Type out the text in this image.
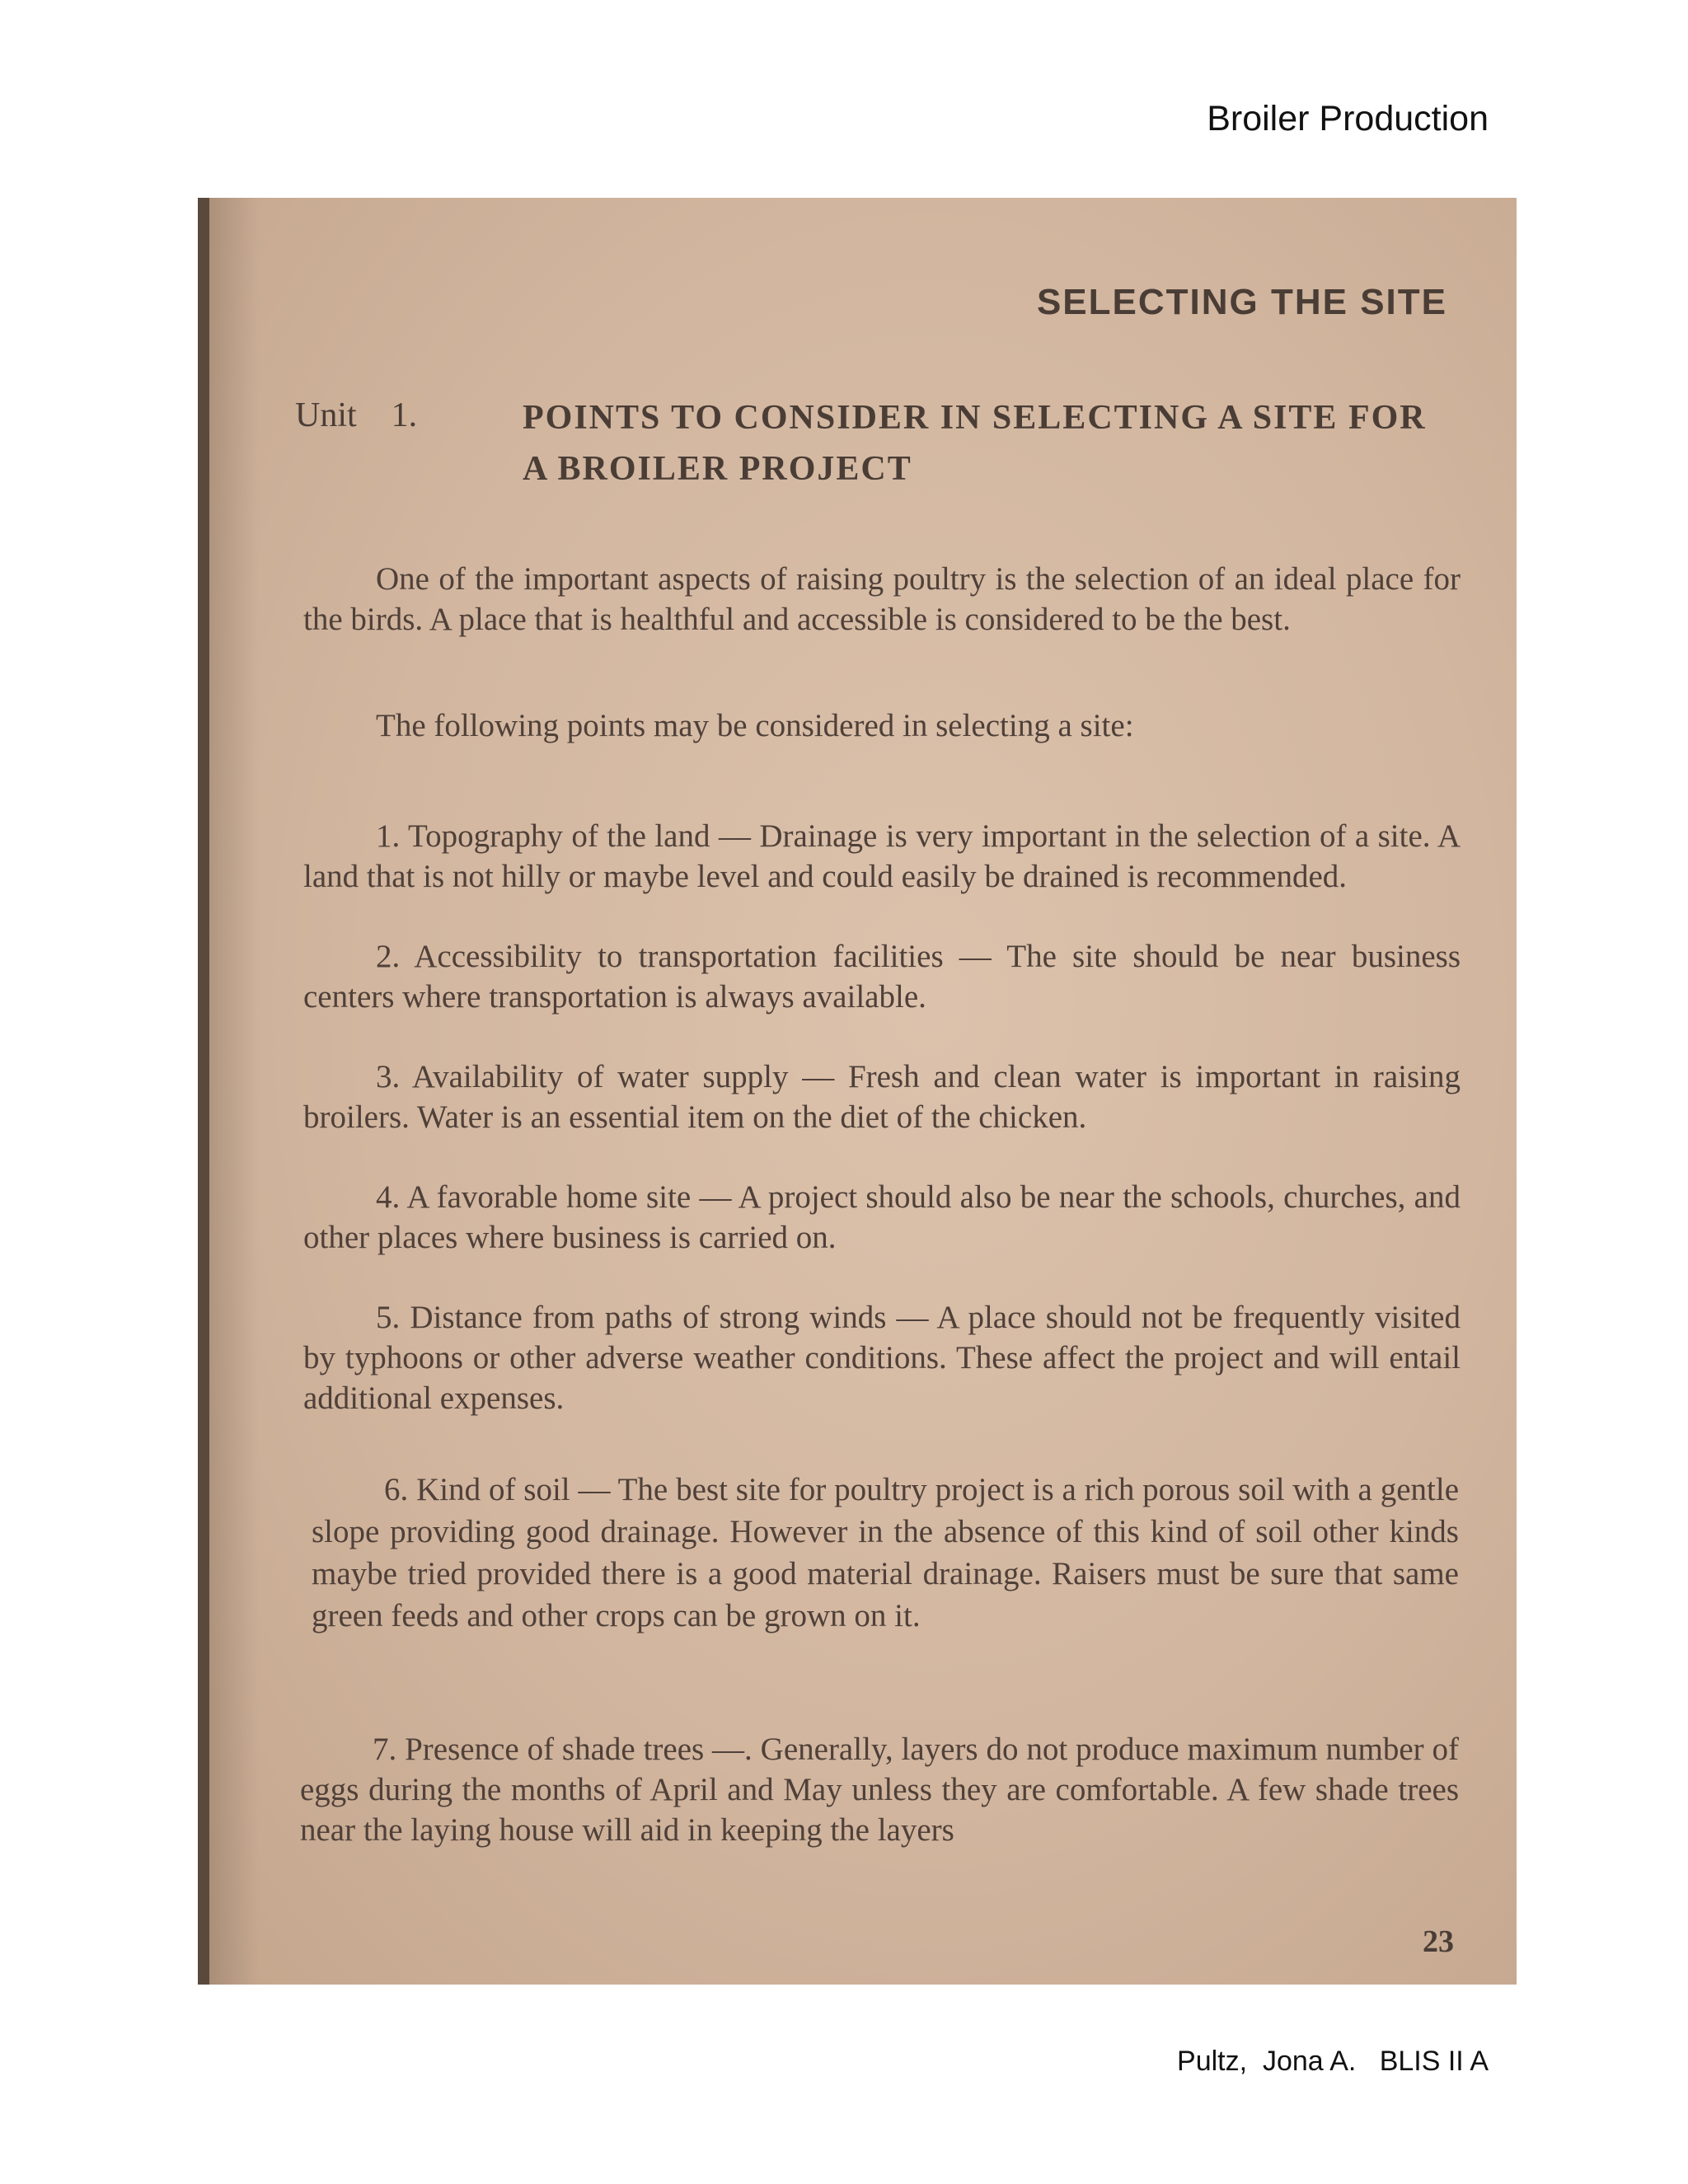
Broiler Production
SELECTING THE SITE
Unit    1.	POINTS TO CONSIDER IN SELECTING A SITE FOR A BROILER PROJECT

One of the important aspects of raising poultry is the selection of an ideal place for the birds. A place that is healthful and accessible is considered to be the best.

The following points may be considered in selecting a site:

1. Topography of the land — Drainage is very important in the selection of a site. A land that is not hilly or maybe level and could easily be drained is recommended.

2. Accessibility to transportation facilities — The site should be near business centers where transportation is always available.

3. Availability of water supply — Fresh and clean water is important in raising broilers. Water is an essential item on the diet of the chicken.

4. A favorable home site — A project should also be near the schools, churches, and other places where business is carried on.

5. Distance from paths of strong winds — A place should not be frequently visited by typhoons or other adverse weather conditions. These affect the project and will entail additional expenses.

6. Kind of soil — The best site for poultry project is a rich porous soil with a gentle slope providing good drainage. However in the absence of this kind of soil other kinds maybe tried provided there is a good material drainage. Raisers must be sure that same green feeds and other crops can be grown on it.

7. Presence of shade trees —. Generally, layers do not produce maximum number of eggs during the months of April and May unless they are comfortable. A few shade trees near the laying house will aid in keeping the layers

23
Pultz,  Jona A.   BLIS II A
